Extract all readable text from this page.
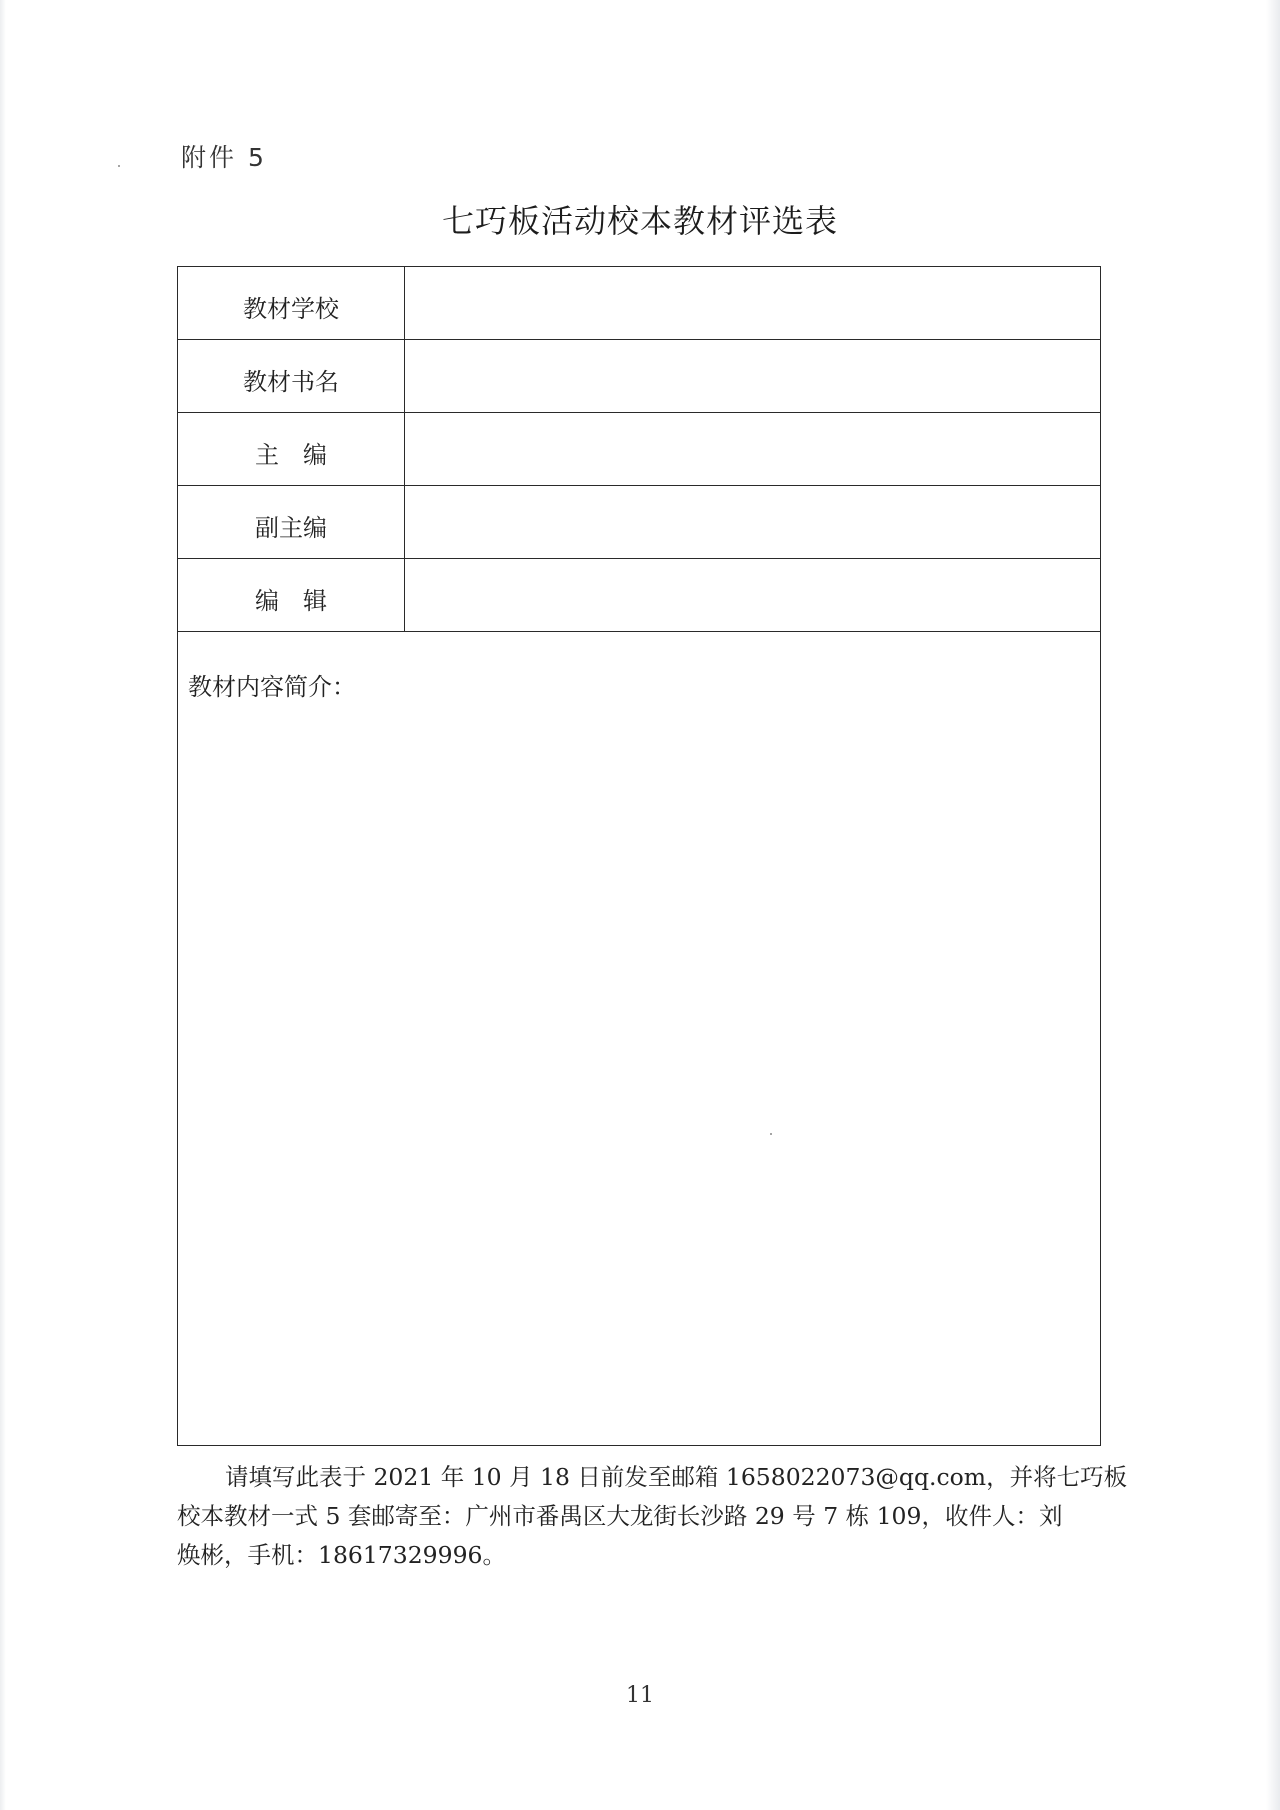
附件 5
七巧板活动校本教材评选表
教材学校
教材书名
主　编
副主编
编　辑
教材内容简介：
请填写此表于 2021 年 10 月 18 日前发至邮箱 1658022073@qq.com，并将七巧板
校本教材一式 5 套邮寄至：广州市番禺区大龙街长沙路 29 号 7 栋 109，收件人：刘
焕彬，手机：18617329996。
11
